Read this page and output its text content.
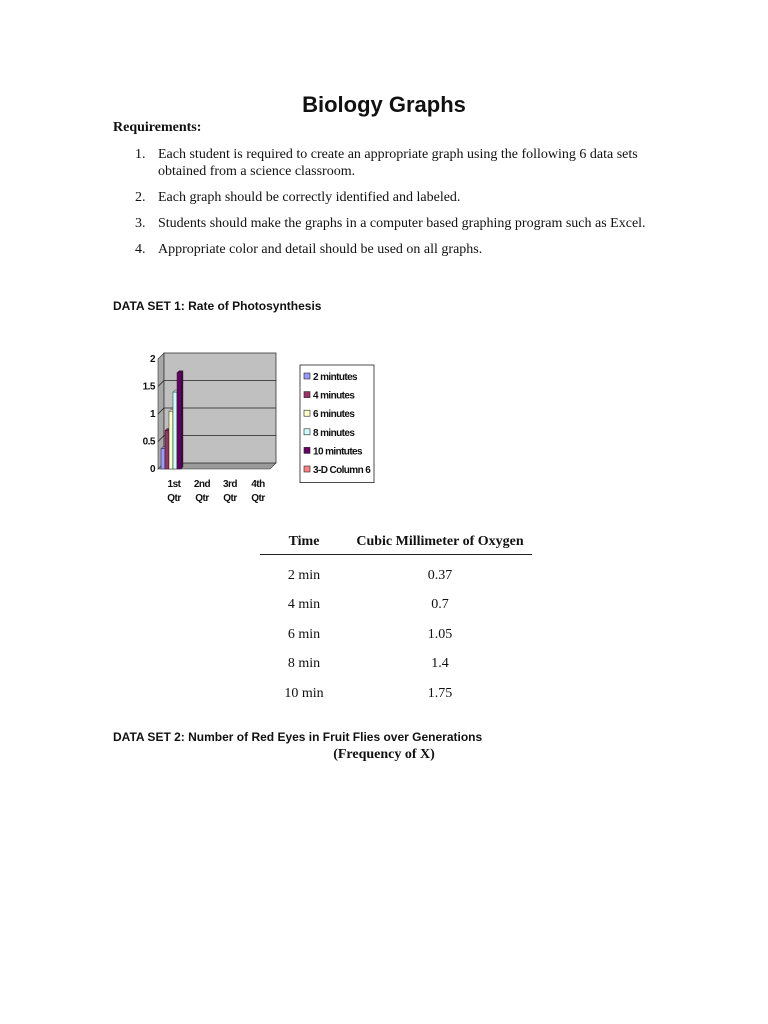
Biology Graphs
Requirements:
1. Each student is required to create an appropriate graph using the following 6 data sets obtained from a science classroom.
2. Each graph should be correctly identified and labeled.
3. Students should make the graphs in a computer based graphing program such as Excel.
4. Appropriate color and detail should be used on all graphs.
DATA SET 1: Rate of Photosynthesis
0
0.5
1
1.5
2
1st Qtr
2nd Qtr
3rd Qtr
4th Qtr
2 mintutes
4 minutes
6 minutes
8 minutes
10 mintutes
3-D Column 6
Time	Cubic Millimeter of Oxygen
2 min	0.37
4 min	0.7
6 min	1.05
8 min	1.4
10 min	1.75
DATA SET 2: Number of Red Eyes in Fruit Flies over Generations
(Frequency of X)
